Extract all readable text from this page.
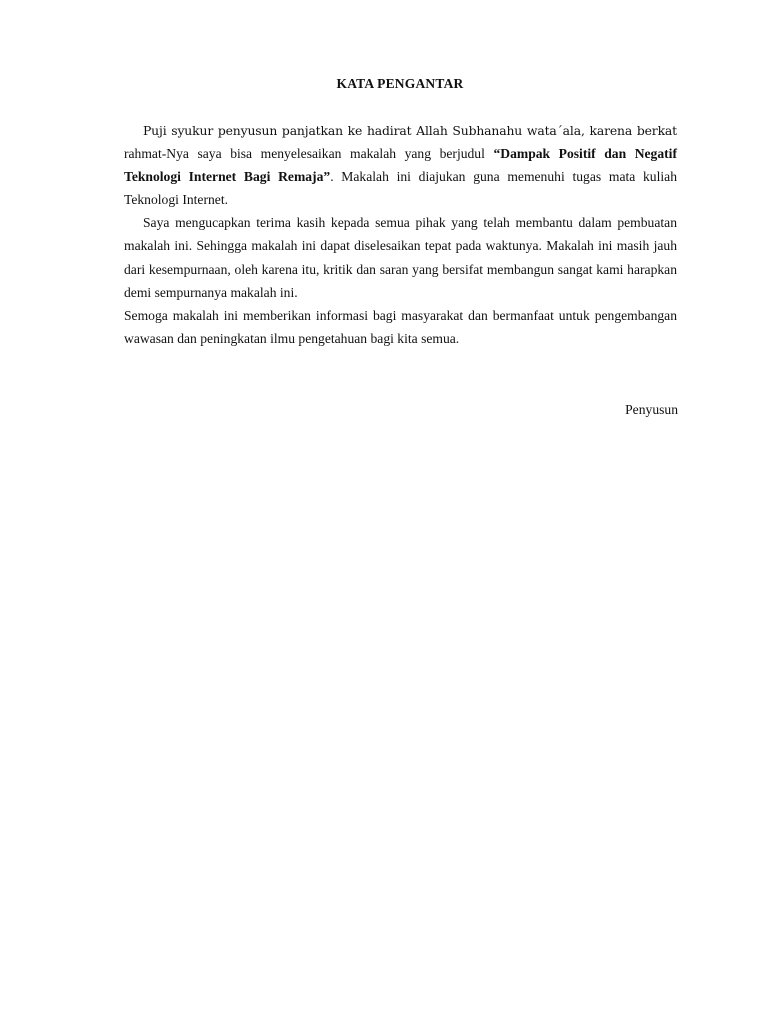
KATA PENGANTAR

Puji syukur penyusun panjatkan ke hadirat Allah Subhanahu wata´ala, karena berkat rahmat-Nya saya bisa menyelesaikan makalah yang berjudul “Dampak Positif dan Negatif Teknologi Internet Bagi Remaja”. Makalah ini diajukan guna memenuhi tugas mata kuliah Teknologi Internet.

Saya mengucapkan terima kasih kepada semua pihak yang telah membantu dalam pembuatan makalah ini. Sehingga makalah ini dapat diselesaikan tepat pada waktunya. Makalah ini masih jauh dari kesempurnaan, oleh karena itu, kritik dan saran yang bersifat membangun sangat kami harapkan demi sempurnanya makalah ini.

Semoga makalah ini memberikan informasi bagi masyarakat dan bermanfaat untuk pengembangan wawasan dan peningkatan ilmu pengetahuan bagi kita semua.

Penyusun
